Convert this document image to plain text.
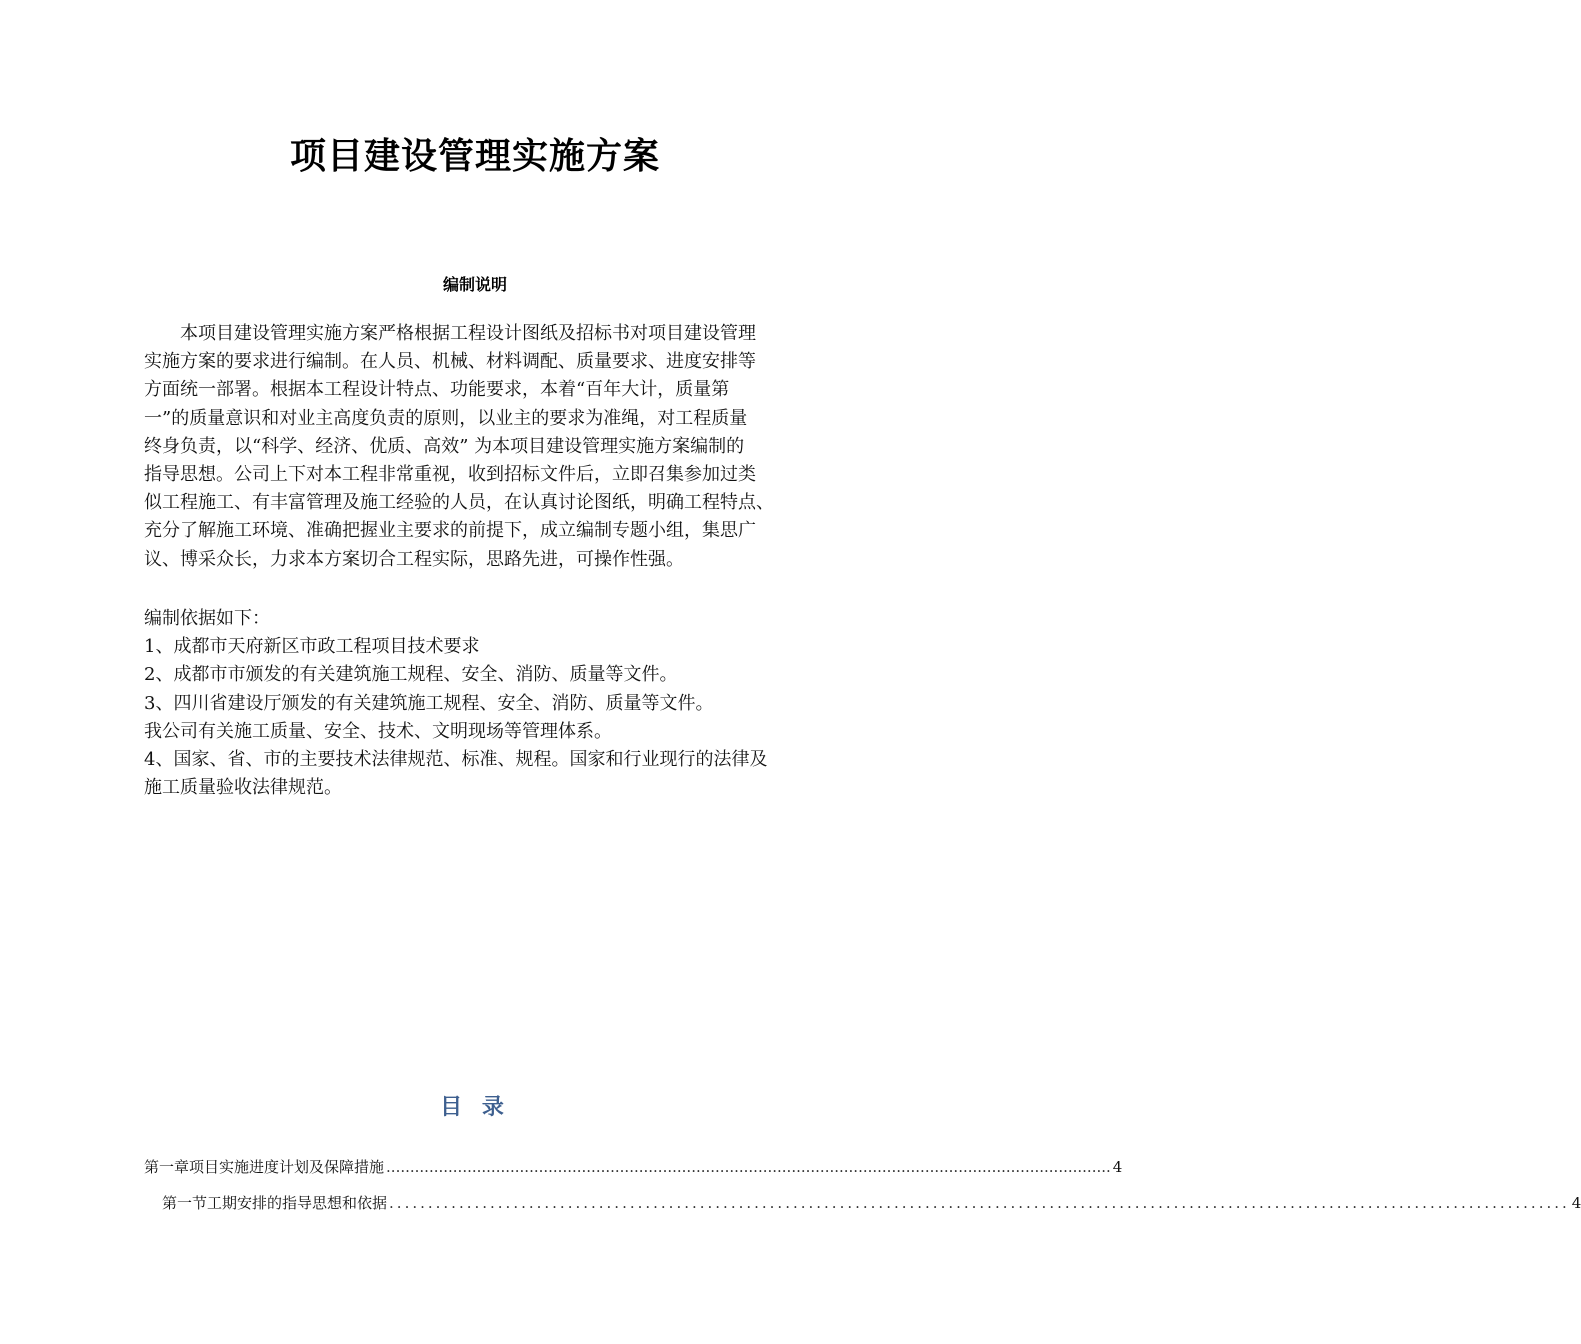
项目建设管理实施方案
编制说明
　　本项目建设管理实施方案严格根据工程设计图纸及招标书对项目建设管理
实施方案的要求进行编制。在人员、机械、材料调配、质量要求、进度安排等
方面统一部署。根据本工程设计特点、功能要求，本着“百年大计，质量第
一”的质量意识和对业主高度负责的原则，以业主的要求为准绳，对工程质量
终身负责，以“科学、经济、优质、高效” 为本项目建设管理实施方案编制的
指导思想。公司上下对本工程非常重视，收到招标文件后，立即召集参加过类
似工程施工、有丰富管理及施工经验的人员，在认真讨论图纸，明确工程特点、
充分了解施工环境、准确把握业主要求的前提下，成立编制专题小组，集思广
议、博采众长，力求本方案切合工程实际，思路先进，可操作性强。
编制依据如下：
1、成都市天府新区市政工程项目技术要求
2、成都市市颁发的有关建筑施工规程、安全、消防、质量等文件。
3、四川省建设厅颁发的有关建筑施工规程、安全、消防、质量等文件。
我公司有关施工质量、安全、技术、文明现场等管理体系。
4、国家、省、市的主要技术法律规范、标准、规程。国家和行业现行的法律及
施工质量验收法律规范。
目 录
第一章 项目实施进度计划及保障措施 ........................................................................................................................................................ 4
第一节 工期安排的指导思想和依据 ........................................................................................................................................................ 4
